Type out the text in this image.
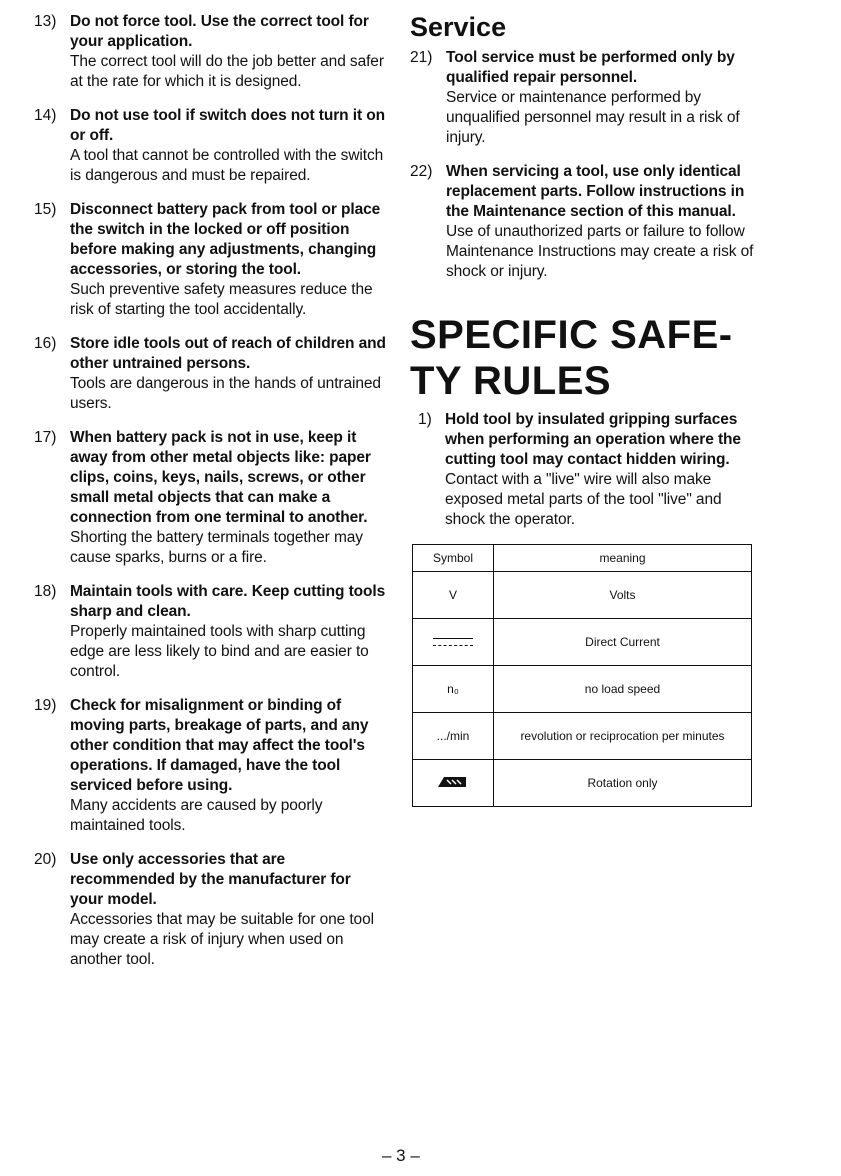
13) Do not force tool. Use the correct tool for your application.
The correct tool will do the job better and safer at the rate for which it is designed.
14) Do not use tool if switch does not turn it on or off.
A tool that cannot be controlled with the switch is dangerous and must be repaired.
15) Disconnect battery pack from tool or place the switch in the locked or off position before making any adjustments, changing accessories, or storing the tool.
Such preventive safety measures reduce the risk of starting the tool accidentally.
16) Store idle tools out of reach of children and other untrained persons.
Tools are dangerous in the hands of untrained users.
17) When battery pack is not in use, keep it away from other metal objects like: paper clips, coins, keys, nails, screws, or other small metal objects that can make a connection from one terminal to another.
Shorting the battery terminals together may cause sparks, burns or a fire.
18) Maintain tools with care. Keep cutting tools sharp and clean.
Properly maintained tools with sharp cutting edge are less likely to bind and are easier to control.
19) Check for misalignment or binding of moving parts, breakage of parts, and any other condition that may affect the tool's operations. If damaged, have the tool serviced before using.
Many accidents are caused by poorly maintained tools.
20) Use only accessories that are recommended by the manufacturer for your model.
Accessories that may be suitable for one tool may create a risk of injury when used on another tool.
Service
21) Tool service must be performed only by qualified repair personnel.
Service or maintenance performed by unqualified personnel may result in a risk of injury.
22) When servicing a tool, use only identical replacement parts. Follow instructions in the Maintenance section of this manual.
Use of unauthorized parts or failure to follow Maintenance Instructions may create a risk of shock or injury.
SPECIFIC SAFE-
TY RULES
1) Hold tool by insulated gripping surfaces when performing an operation where the cutting tool may contact hidden wiring.
Contact with a "live" wire will also make exposed metal parts of the tool "live" and shock the operator.
Symbol	meaning
V	Volts

	Direct Current
n₀	no load speed
.../min	revolution or reciprocation per minutes
	Rotation only
– 3 –
